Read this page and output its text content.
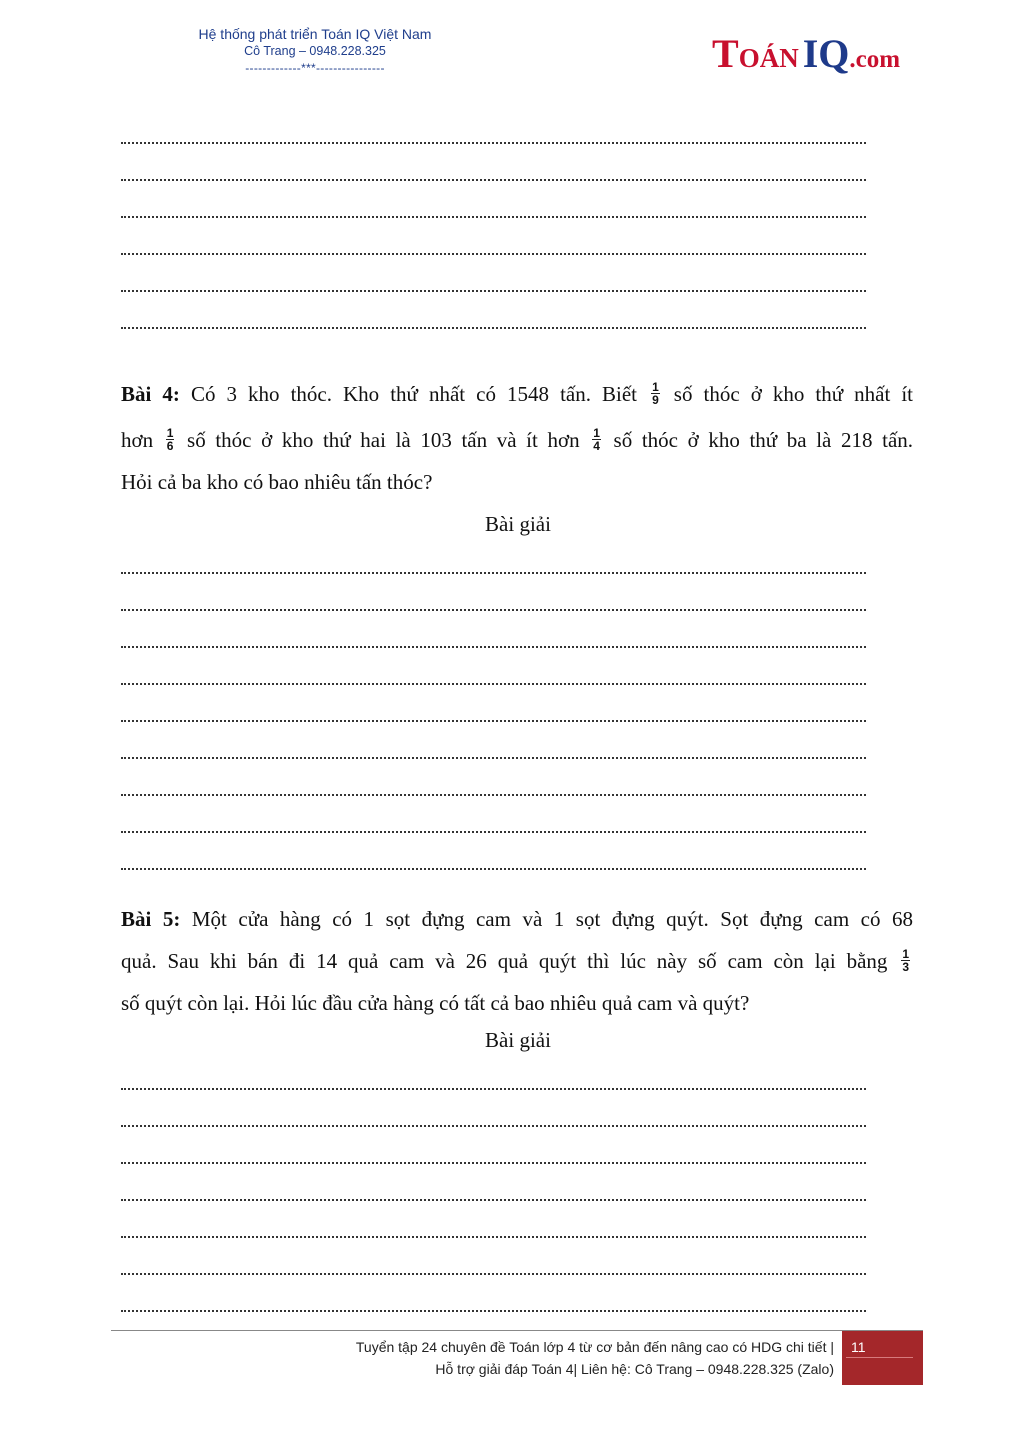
Hệ thống phát triển Toán IQ Việt Nam
Cô Trang – 0948.228.325
-------------***----------------	TOÁN IQ.com
Bài 4: Có 3 kho thóc. Kho thứ nhất có 1548 tấn. Biết $\frac{1}{9}$ số thóc ở kho thứ nhất ít
hơn $\frac{1}{6}$ số thóc ở kho thứ hai là 103 tấn và ít hơn $\frac{1}{4}$ số thóc ở kho thứ ba là 218 tấn.
Hỏi cả ba kho có bao nhiêu tấn thóc?
Bài giải
Bài 5: Một cửa hàng có 1 sọt đựng cam và 1 sọt đựng quýt. Sọt đựng cam có 68
quả. Sau khi bán đi 14 quả cam và 26 quả quýt thì lúc này số cam còn lại bằng $\frac{1}{3}$
số quýt còn lại. Hỏi lúc đầu cửa hàng có tất cả bao nhiêu quả cam và quýt?
Bài giải
Tuyển tập 24 chuyên đề Toán lớp 4 từ cơ bản đến nâng cao có HDG chi tiết |
Hỗ trợ giải đáp Toán 4| Liên hệ: Cô Trang – 0948.228.325 (Zalo)
11
